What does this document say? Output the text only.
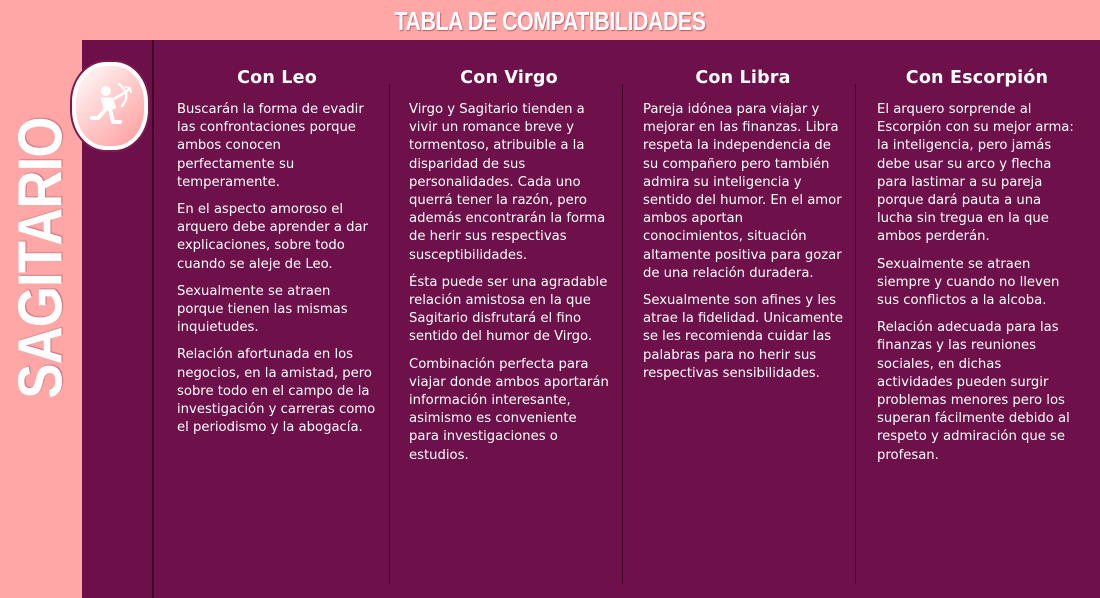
TABLA DE COMPATIBILIDADES
SAGITARIO
Con Leo

Buscarán la forma de evadir las confrontaciones porque ambos conocen perfectamente su temperamente.

En el aspecto amoroso el arquero debe aprender a dar explicaciones, sobre todo cuando se aleje de Leo.

Sexualmente se atraen porque tienen las mismas inquietudes.

Relación afortunada en los negocios, en la amistad, pero sobre todo en el campo de la investigación y carreras como el periodismo y la abogacía.

Con Virgo

Virgo y Sagitario tienden a vivir un romance breve y tormentoso, atribuible a la disparidad de sus personalidades. Cada uno querrá tener la razón, pero además encontrarán la forma de herir sus respectivas susceptibilidades.

Ésta puede ser una agradable relación amistosa en la que Sagitario disfrutará el fino sentido del humor de Virgo.

Combinación perfecta para viajar donde ambos aportarán información interesante, asimismo es conveniente para investigaciones o estudios.

Con Libra

Pareja idónea para viajar y mejorar en las finanzas. Libra respeta la independencia de su compañero pero también admira su inteligencia y sentido del humor. En el amor ambos aportan conocimientos, situación altamente positiva para gozar de una relación duradera.

Sexualmente son afines y les atrae la fidelidad. Unicamente se les recomienda cuidar las palabras para no herir sus respectivas sensibilidades.

Con Escorpión

El arquero sorprende al Escorpión con su mejor arma: la inteligencia, pero jamás debe usar su arco y flecha para lastimar a su pareja porque dará pauta a una lucha sin tregua en la que ambos perderán.

Sexualmente se atraen siempre y cuando no lleven sus conflictos a la alcoba.

Relación adecuada para las finanzas y las reuniones sociales, en dichas actividades pueden surgir problemas menores pero los superan fácilmente debido al respeto y admiración que se profesan.
